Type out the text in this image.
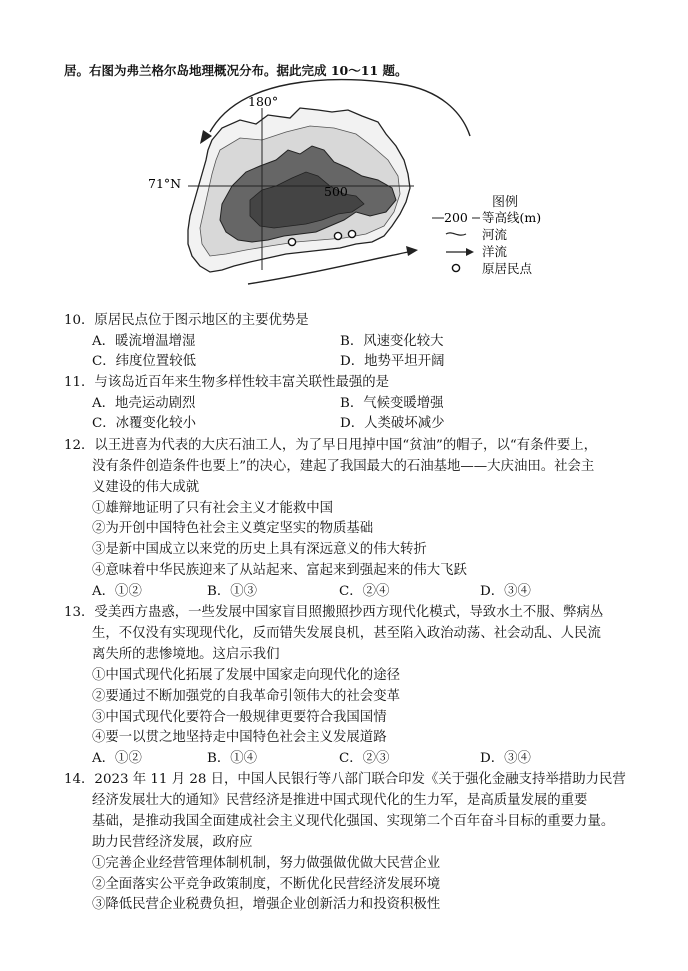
居。右图为弗兰格尔岛地理概况分布。据此完成 10～11 题。
180°
71°N
500
200 等高线(m)
河流
洋流
原居民点
图例
10．原居民点位于图示地区的主要优势是
A．暖流增温增湿	B．风速变化较大
C．纬度位置较低	D．地势平坦开阔
11．与该岛近百年来生物多样性较丰富关联性最强的是
A．地壳运动剧烈	B．气候变暖增强
C．冰覆变化较小	D．人类破坏减少
12．以王进喜为代表的大庆石油工人，为了早日甩掉中国“贫油”的帽子，以“有条件要上，
没有条件创造条件也要上”的决心，建起了我国最大的石油基地——大庆油田。社会主
义建设的伟大成就
①雄辩地证明了只有社会主义才能救中国
②为开创中国特色社会主义奠定坚实的物质基础
③是新中国成立以来党的历史上具有深远意义的伟大转折
④意味着中华民族迎来了从站起来、富起来到强起来的伟大飞跃
A．①②	B．①③	C．②④	D．③④
13．受美西方蛊惑，一些发展中国家盲目照搬照抄西方现代化模式，导致水土不服、弊病丛
生，不仅没有实现现代化，反而错失发展良机，甚至陷入政治动荡、社会动乱、人民流
离失所的悲惨境地。这启示我们
①中国式现代化拓展了发展中国家走向现代化的途径
②要通过不断加强党的自我革命引领伟大的社会变革
③中国式现代化要符合一般规律更要符合我国国情
④要一以贯之地坚持走中国特色社会主义发展道路
A．①②	B．①④	C．②③	D．③④
14．2023 年 11 月 28 日，中国人民银行等八部门联合印发《关于强化金融支持举措助力民营
经济发展壮大的通知》民营经济是推进中国式现代化的生力军，是高质量发展的重要
基础，是推动我国全面建成社会主义现代化强国、实现第二个百年奋斗目标的重要力量。
助力民营经济发展，政府应
①完善企业经营管理体制机制，努力做强做优做大民营企业
②全面落实公平竞争政策制度，不断优化民营经济发展环境
③降低民营企业税费负担，增强企业创新活力和投资积极性
